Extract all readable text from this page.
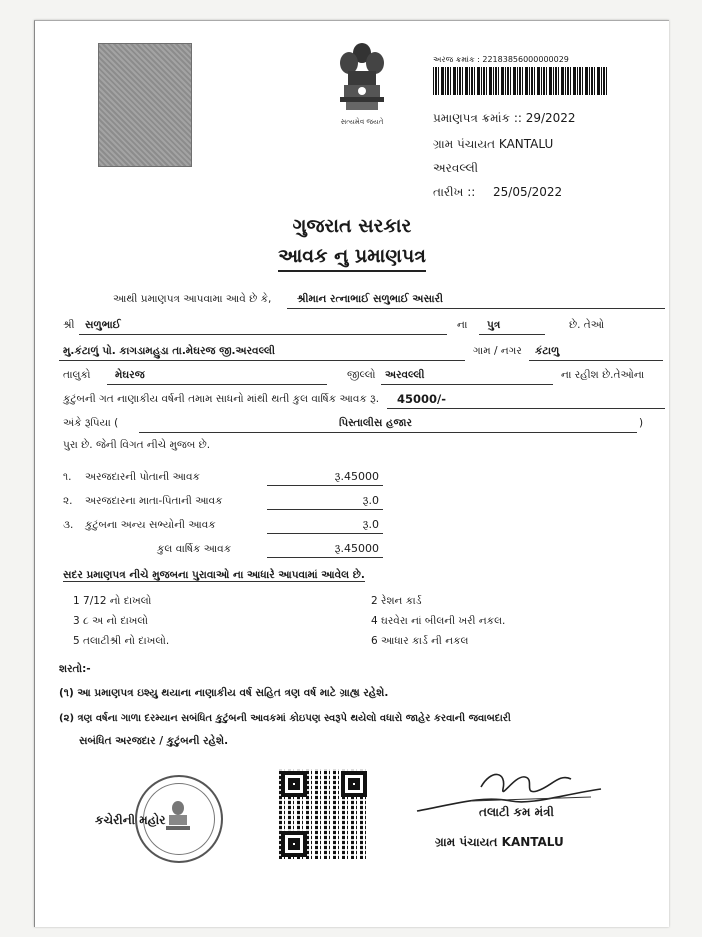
સત્યમેવ જયતે
અરજ ક્રમાંક : 22183856000000029
પ્રમાણપત્ર ક્રમાંક :: 29/2022
ગ્રામ પંચાયત KANTALU
અરવલ્લી
તારીખ :: 25/05/2022
ગુજરાત સરકાર
આવક નુ પ્રમાણપત્ર
આથી પ્રમાણપત્ર આપવામા આવે છે કે, શ્રીમાન રત્નાભાઈ સળુભાઈ અસારી
શ્રી સળુભાઈ	ના પુત્ર	છે. તેઓ
મુ.કંટાળું પો. કાગડામહુડા તા.મેઘરજ જી.અરવલ્લી	ગામ / નગર કંટાળુ
તાલુકો મેઘરજ	જીલ્લો અરવલ્લી	ના રહીશ છે.તેઓના
કુટુંબની ગત નાણાકીય વર્ષની તમામ સાધનો માંથી થતી કુલ વાર્ષિક આવક રૂ. 45000/-
અંકે રૂપિયા (	પિસ્તાલીસ હજાર	)
પુરા છે. જેની વિગત નીચે મુજબ છે.
૧. અરજદારની પોતાની આવક	રૂ.45000
૨. અરજદારના માતા-પિતાની આવક	રૂ.0
૩. કુટુંબના અન્ય સભ્યોની આવક	રૂ.0
કુલ વાર્ષિક આવક	રૂ.45000
સદર પ્રમાણપત્ર નીચે મુજબના પુરાવાઓ ના આધારે આપવામાં આવેલ છે.
1 7/12 નો દાખલો	2 રેશન કાર્ડ
3 ૮ અ નો દાખલો	4 ઘરવેરા નાં બીલની ખરી નકલ.
5 તલાટીશ્રી નો દાખલો.	6 આધાર કાર્ડ ની નકલ
શરતો:-
(૧) આ પ્રમાણપત્ર ઇશ્યુ થયાના નાણાકીય વર્ષ સહિત ત્રણ વર્ષ માટે ગ્રાહ્ય રહેશે.
(૨) ત્રણ વર્ષના ગાળા દરમ્યાન સબંધિત કુટુંબની આવકમાં કોઇપણ સ્વરૂપે થયેલો વધારો જાહેર કરવાની જવાબદારી
સબંધિત અરજદાર / કુટુંબની રહેશે.
કચેરીની મહોર
તલાટી કમ મંત્રી
ગ્રામ પંચાયત KANTALU
